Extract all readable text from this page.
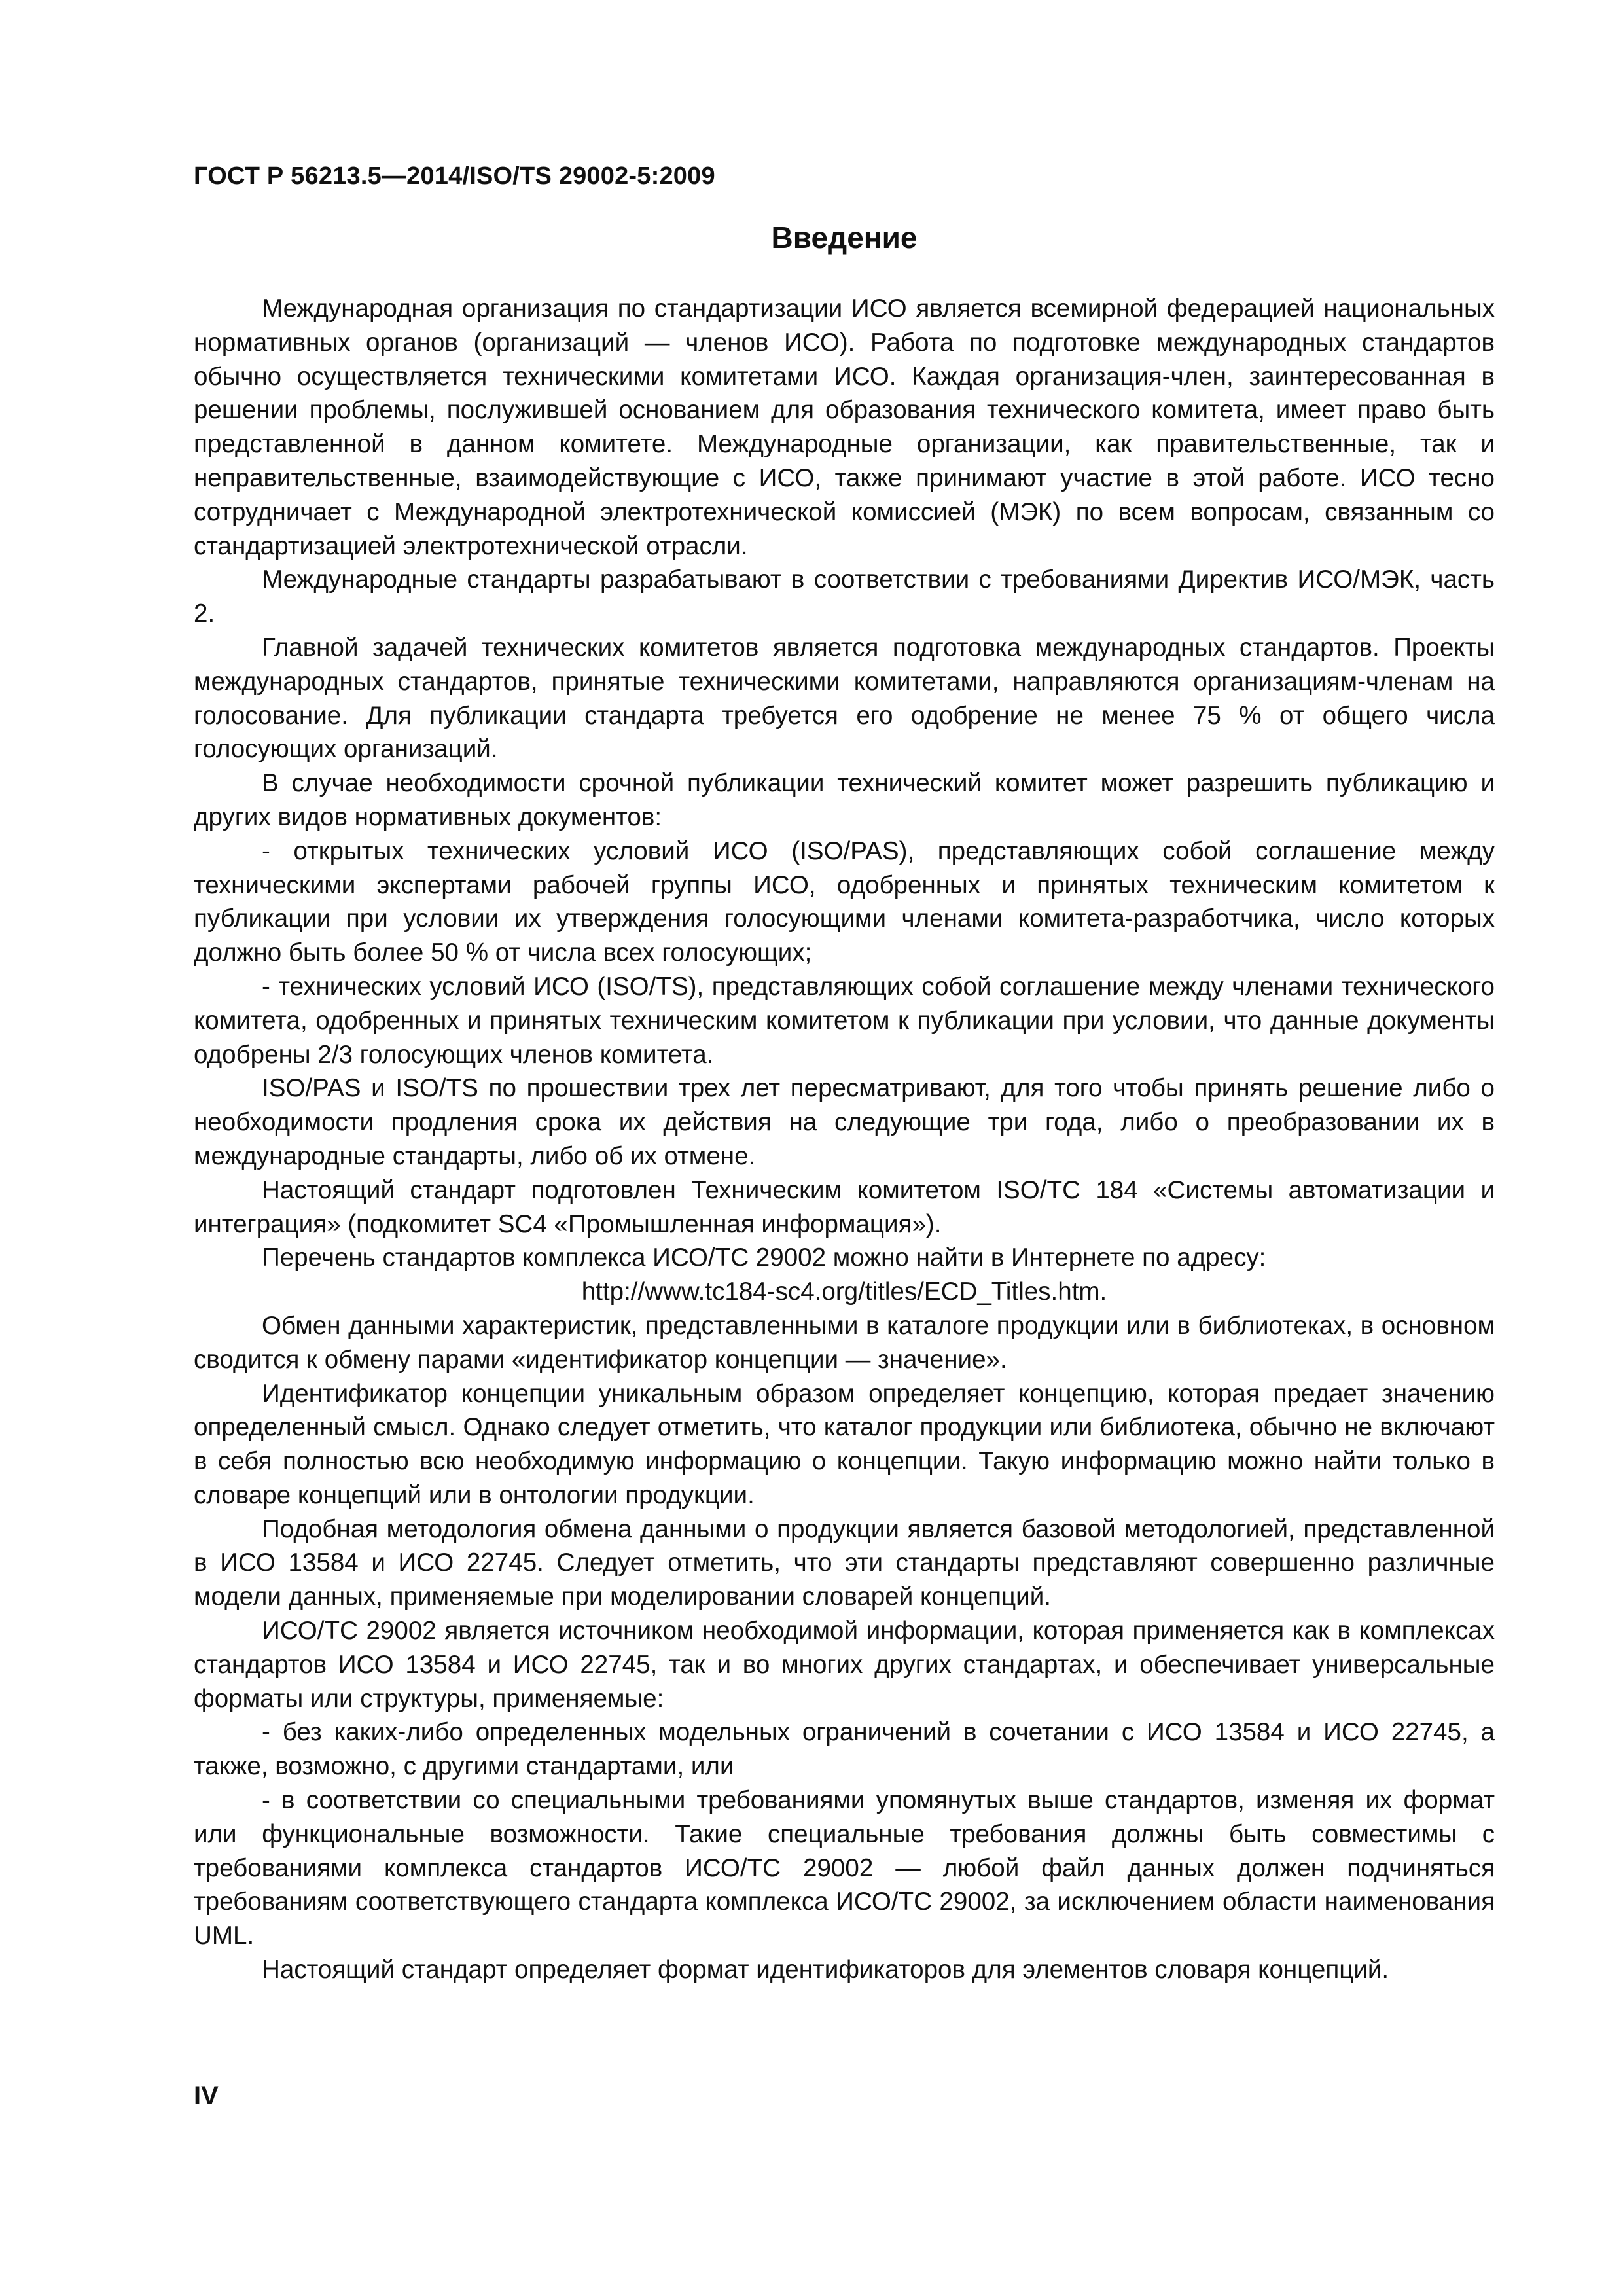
ГОСТ Р 56213.5—2014/ISO/TS 29002-5:2009
Введение

Международная организация по стандартизации ИСО является всемирной федерацией национальных нормативных органов (организаций — членов ИСО). Работа по подготовке международных стандартов обычно осуществляется техническими комитетами ИСО. Каждая организация-член, заинтересованная в решении проблемы, послужившей основанием для образования технического комитета, имеет право быть представленной в данном комитете. Международные организации, как правительственные, так и неправительственные, взаимодействующие с ИСО, также принимают участие в этой работе. ИСО тесно сотрудничает с Международной электротехнической комиссией (МЭК) по всем вопросам, связанным со стандартизацией электротехнической отрасли.

Международные стандарты разрабатывают в соответствии с требованиями Директив ИСО/МЭК, часть 2.

Главной задачей технических комитетов является подготовка международных стандартов. Проекты международных стандартов, принятые техническими комитетами, направляются организациям-членам на голосование. Для публикации стандарта требуется его одобрение не менее 75 % от общего числа голосующих организаций.

В случае необходимости срочной публикации технический комитет может разрешить публикацию и других видов нормативных документов:

- открытых технических условий ИСО (ISO/PAS), представляющих собой соглашение между техническими экспертами рабочей группы ИСО, одобренных и принятых техническим комитетом к публикации при условии их утверждения голосующими членами комитета-разработчика, число которых должно быть более 50 % от числа всех голосующих;

- технических условий ИСО (ISO/TS), представляющих собой соглашение между членами технического комитета, одобренных и принятых техническим комитетом к публикации при условии, что данные документы одобрены 2/3 голосующих членов комитета.

ISO/PAS и ISO/TS по прошествии трех лет пересматривают, для того чтобы принять решение либо о необходимости продления срока их действия на следующие три года, либо о преобразовании их в международные стандарты, либо об их отмене.

Настоящий стандарт подготовлен Техническим комитетом ISO/TC 184 «Системы автоматизации и интеграция» (подкомитет SC4 «Промышленная информация»).

Перечень стандартов комплекса ИСО/ТС 29002 можно найти в Интернете по адресу:

http://www.tc184-sc4.org/titles/ECD_Titles.htm.

Обмен данными характеристик, представленными в каталоге продукции или в библиотеках, в основном сводится к обмену парами «идентификатор концепции — значение».

Идентификатор концепции уникальным образом определяет концепцию, которая предает значению определенный смысл. Однако следует отметить, что каталог продукции или библиотека, обычно не включают в себя полностью всю необходимую информацию о концепции. Такую информацию можно найти только в словаре концепций или в онтологии продукции.

Подобная методология обмена данными о продукции является базовой методологией, представленной в ИСО 13584 и ИСО 22745. Следует отметить, что эти стандарты представляют совершенно различные модели данных, применяемые при моделировании словарей концепций.

ИСО/ТС 29002 является источником необходимой информации, которая применяется как в комплексах стандартов ИСО 13584 и ИСО 22745, так и во многих других стандартах, и обеспечивает универсальные форматы или структуры, применяемые:

- без каких-либо определенных модельных ограничений в сочетании с ИСО 13584 и ИСО 22745, а также, возможно, с другими стандартами, или

- в соответствии со специальными требованиями упомянутых выше стандартов, изменяя их формат или функциональные возможности. Такие специальные требования должны быть совместимы с требованиями комплекса стандартов ИСО/ТС 29002 — любой файл данных должен подчиняться требованиям соответствующего стандарта комплекса ИСО/ТС 29002, за исключением области наименования UML.

Настоящий стандарт определяет формат идентификаторов для элементов словаря концепций.

IV
